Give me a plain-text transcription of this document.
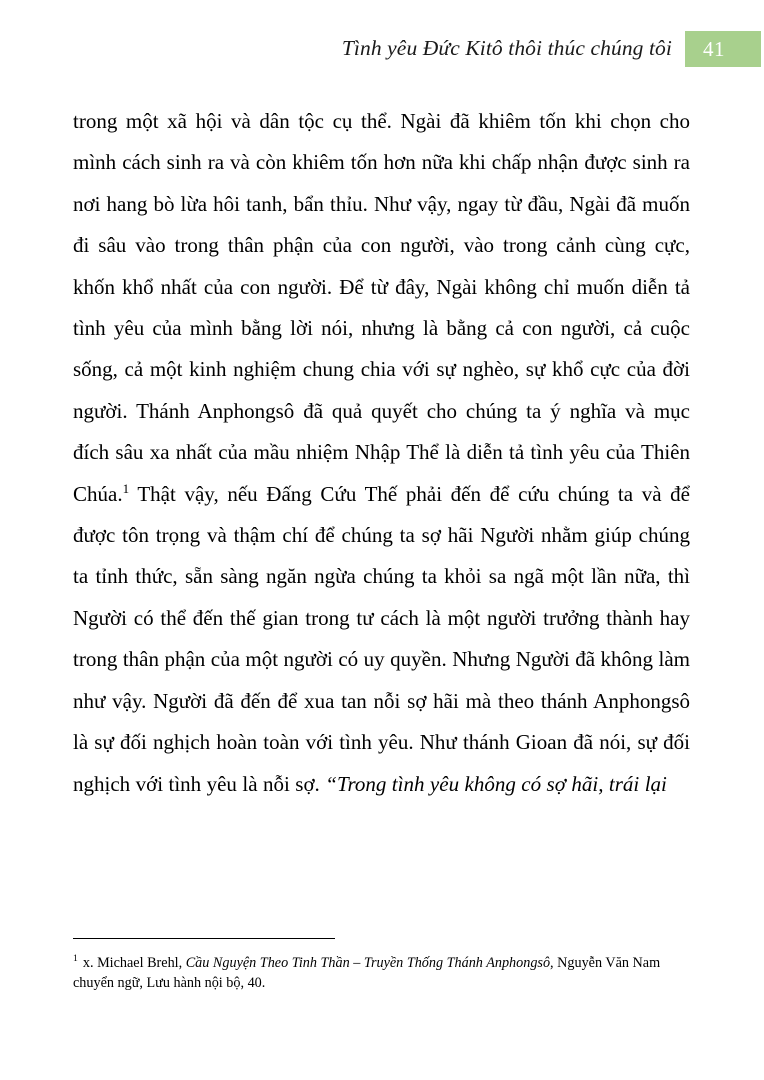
Tình yêu Đức Kitô thôi thúc chúng tôi	41

trong một xã hội và dân tộc cụ thể. Ngài đã khiêm tốn khi chọn cho mình cách sinh ra và còn khiêm tốn hơn nữa khi chấp nhận được sinh ra nơi hang bò lừa hôi tanh, bẩn thỉu. Như vậy, ngay từ đầu, Ngài đã muốn đi sâu vào trong thân phận của con người, vào trong cảnh cùng cực, khốn khổ nhất của con người. Để từ đây, Ngài không chỉ muốn diễn tả tình yêu của mình bằng lời nói, nhưng là bằng cả con người, cả cuộc sống, cả một kinh nghiệm chung chia với sự nghèo, sự khổ cực của đời người. Thánh Anphongsô đã quả quyết cho chúng ta ý nghĩa và mục đích sâu xa nhất của mầu nhiệm Nhập Thể là diễn tả tình yêu của Thiên Chúa.$^1$ Thật vậy, nếu Đấng Cứu Thế phải đến để cứu chúng ta và để được tôn trọng và thậm chí để chúng ta sợ hãi Người nhằm giúp chúng ta tỉnh thức, sẵn sàng ngăn ngừa chúng ta khỏi sa ngã một lần nữa, thì Người có thể đến thế gian trong tư cách là một người trưởng thành hay trong thân phận của một người có uy quyền. Nhưng Người đã không làm như vậy. Người đã đến để xua tan nỗi sợ hãi mà theo thánh Anphongsô là sự đối nghịch hoàn toàn với tình yêu. Như thánh Gioan đã nói, sự đối nghịch với tình yêu là nỗi sợ. “Trong tình yêu không có sợ hãi, trái lại

$^1$ x. Michael Brehl, Cầu Nguyện Theo Tinh Thần – Truyền Thống Thánh Anphongsô, Nguyễn Văn Nam chuyển ngữ, Lưu hành nội bộ, 40.
